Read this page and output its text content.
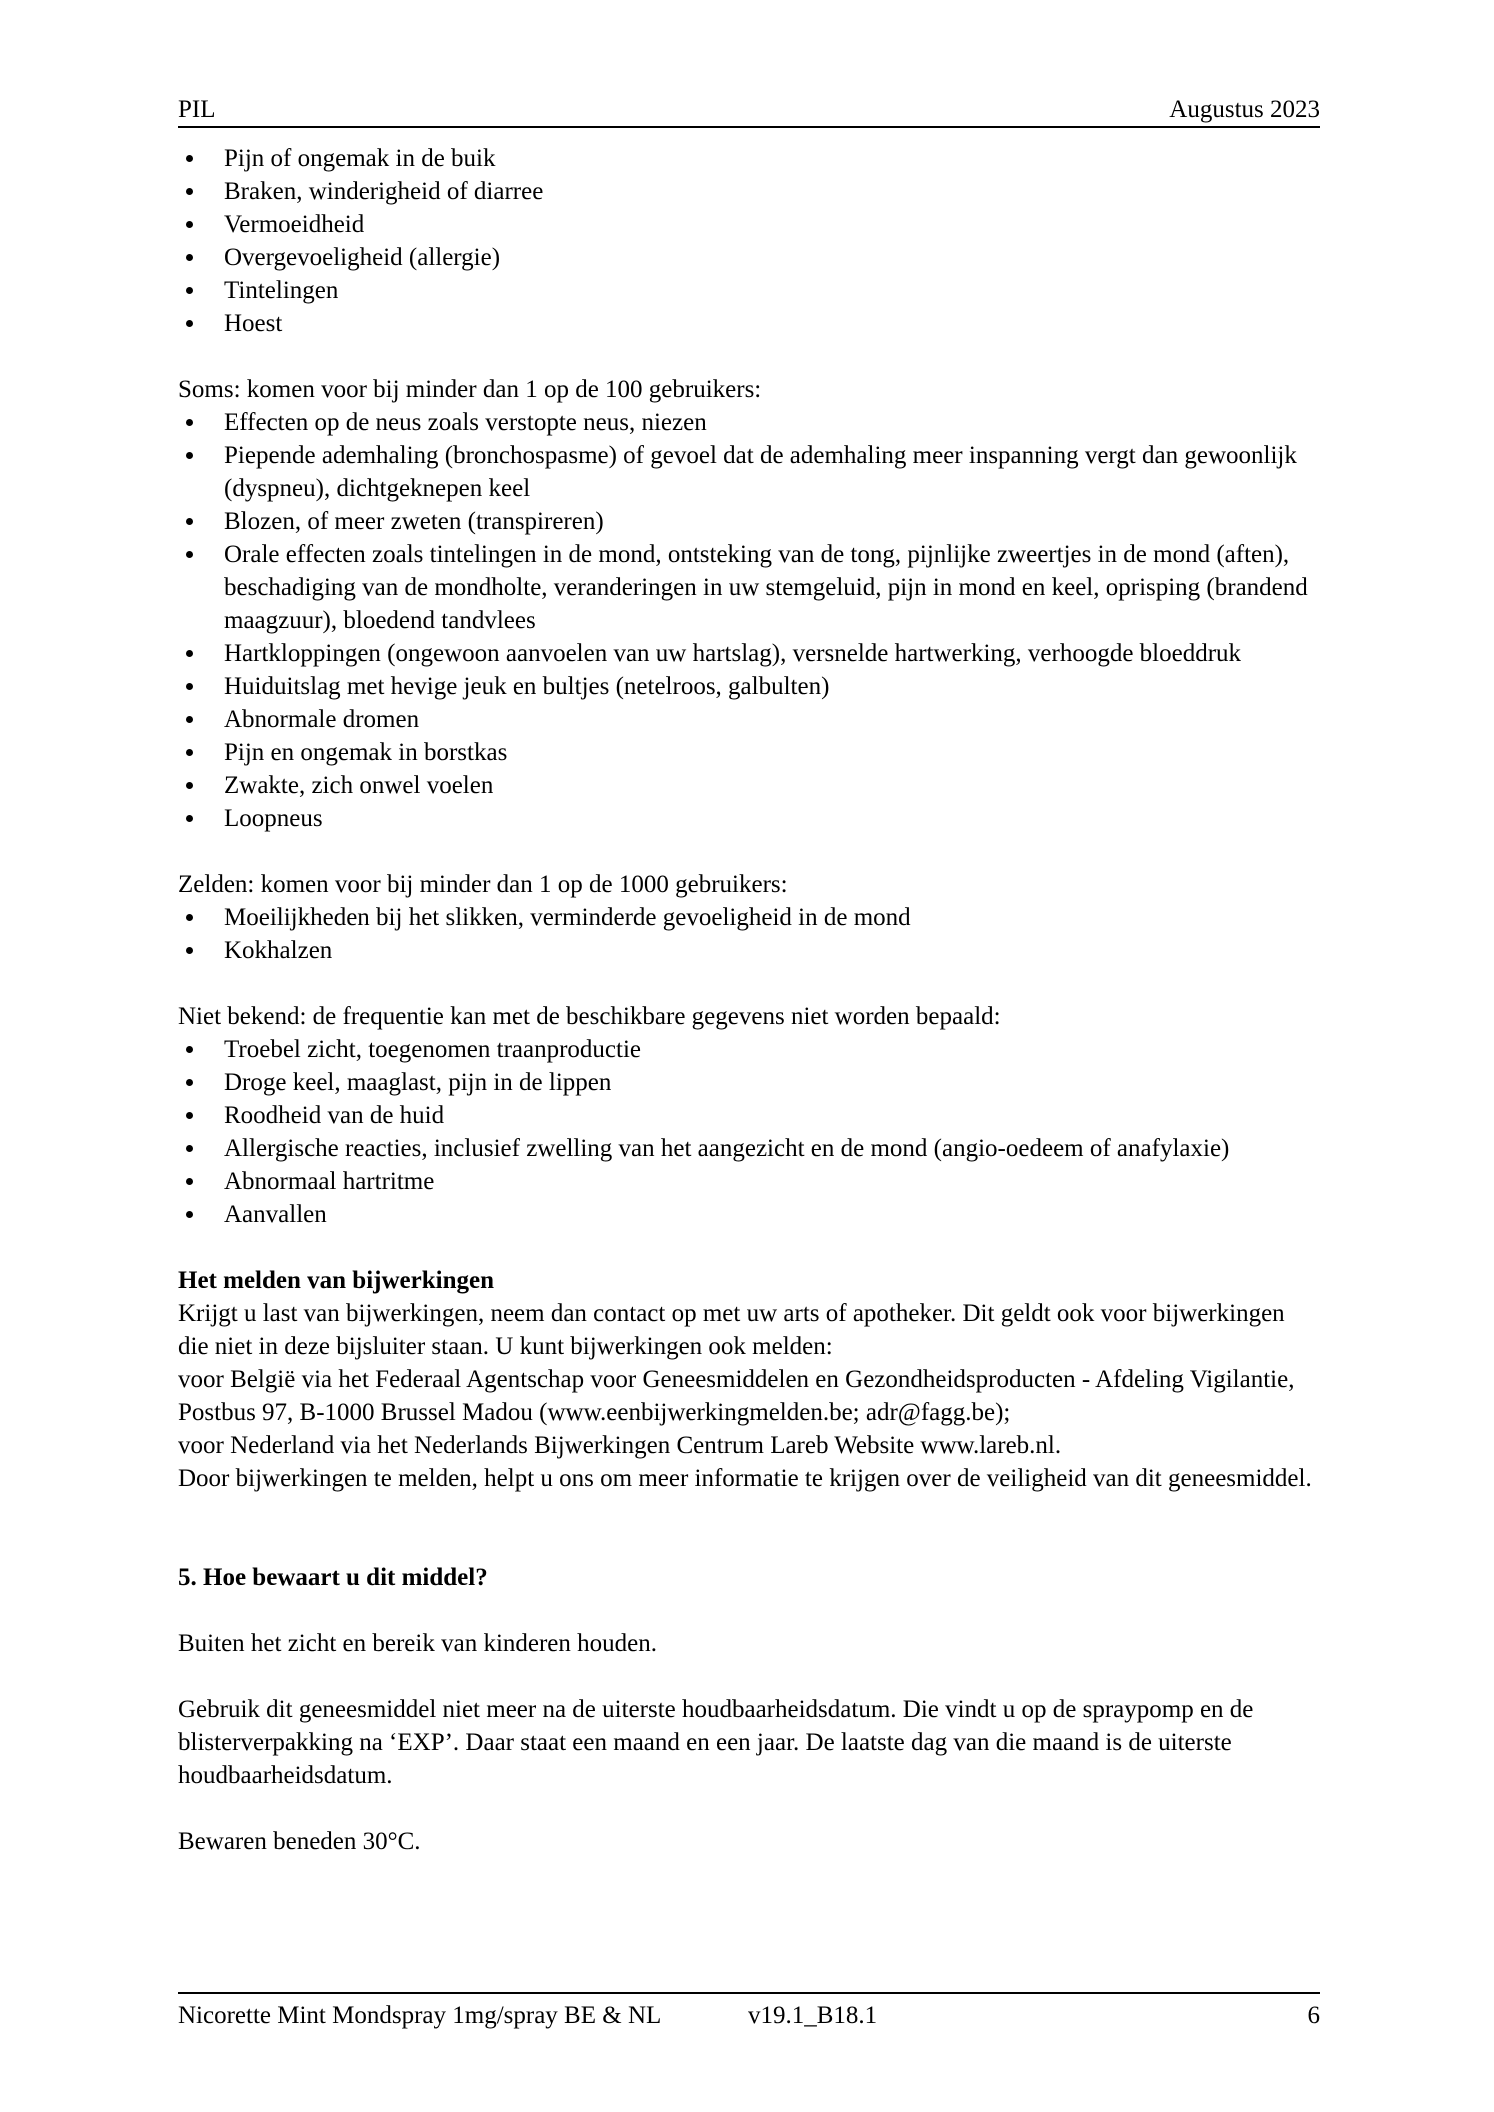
PIL	Augustus 2023
Pijn of ongemak in de buik
Braken, winderigheid of diarree
Vermoeidheid
Overgevoeligheid (allergie)
Tintelingen
Hoest

Soms: komen voor bij minder dan 1 op de 100 gebruikers:

Effecten op de neus zoals verstopte neus, niezen
Piepende ademhaling (bronchospasme) of gevoel dat de ademhaling meer inspanning vergt dan gewoonlijk (dyspneu), dichtgeknepen keel
Blozen, of meer zweten (transpireren)
Orale effecten zoals tintelingen in de mond, ontsteking van de tong, pijnlijke zweertjes in de mond (aften), beschadiging van de mondholte, veranderingen in uw stemgeluid, pijn in mond en keel, oprisping (brandend maagzuur), bloedend tandvlees
Hartkloppingen (ongewoon aanvoelen van uw hartslag), versnelde hartwerking, verhoogde bloeddruk
Huiduitslag met hevige jeuk en bultjes (netelroos, galbulten)
Abnormale dromen
Pijn en ongemak in borstkas
Zwakte, zich onwel voelen
Loopneus

Zelden: komen voor bij minder dan 1 op de 1000 gebruikers:

Moeilijkheden bij het slikken, verminderde gevoeligheid in de mond
Kokhalzen

Niet bekend: de frequentie kan met de beschikbare gegevens niet worden bepaald:

Troebel zicht, toegenomen traanproductie
Droge keel, maaglast, pijn in de lippen
Roodheid van de huid
Allergische reacties, inclusief zwelling van het aangezicht en de mond (angio-oedeem of anafylaxie)
Abnormaal hartritme
Aanvallen

Het melden van bijwerkingen

Krijgt u last van bijwerkingen, neem dan contact op met uw arts of apotheker. Dit geldt ook voor bijwerkingen die niet in deze bijsluiter staan. U kunt bijwerkingen ook melden:

voor België via het Federaal Agentschap voor Geneesmiddelen en Gezondheidsproducten - Afdeling Vigilantie, Postbus 97, B-1000 Brussel Madou (www.eenbijwerkingmelden.be; adr@fagg.be);

voor Nederland via het Nederlands Bijwerkingen Centrum Lareb Website www.lareb.nl.

Door bijwerkingen te melden, helpt u ons om meer informatie te krijgen over de veiligheid van dit geneesmiddel.

5. Hoe bewaart u dit middel?

Buiten het zicht en bereik van kinderen houden.

Gebruik dit geneesmiddel niet meer na de uiterste houdbaarheidsdatum. Die vindt u op de spraypomp en de blisterverpakking na ‘EXP’. Daar staat een maand en een jaar. De laatste dag van die maand is de uiterste houdbaarheidsdatum.

Bewaren beneden 30°C.

Nicorette Mint Mondspray 1mg/spray BE & NL	v19.1_B18.1	6
